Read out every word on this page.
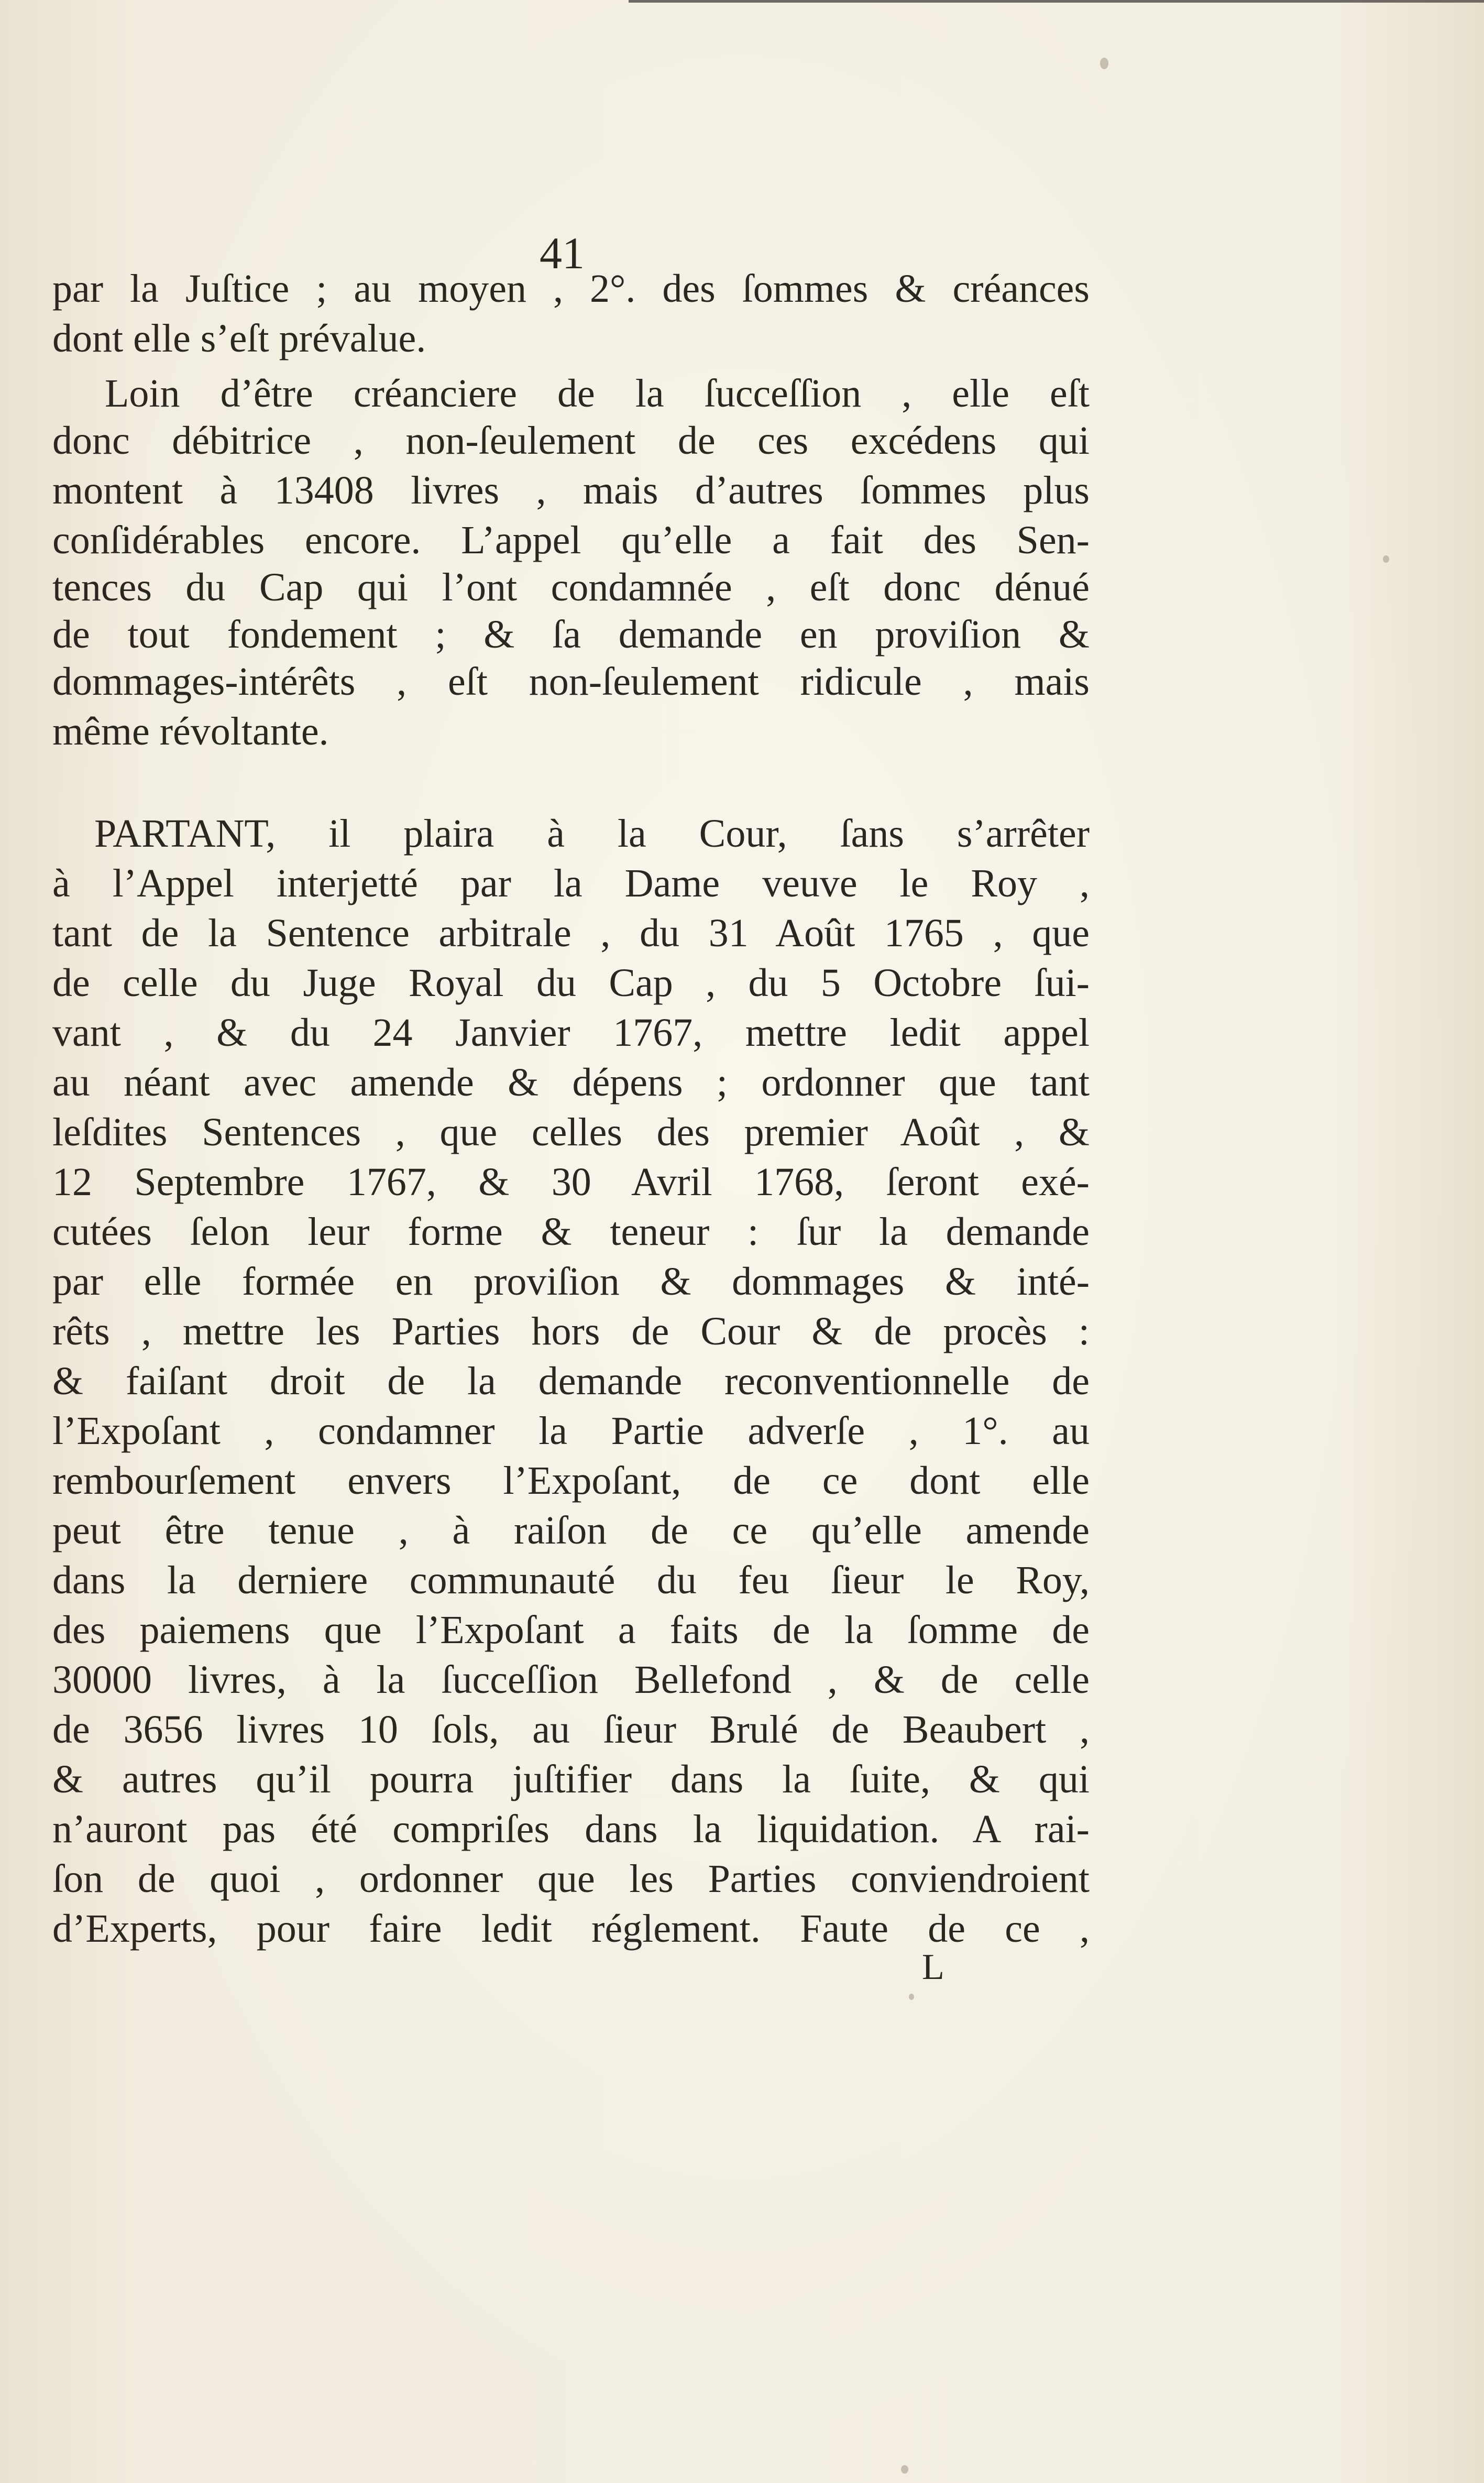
41
par la Juſtice ; au moyen , 2°. des ſommes & créances
dont elle s’eſt prévalue.
Loin d’être créanciere de la ſucceſſion , elle eſt
donc débitrice , non-ſeulement de ces excédens qui
montent à 13408 livres , mais d’autres ſommes plus
conſidérables encore. L’appel qu’elle a fait des Sen-
tences du Cap qui l’ont condamnée , eſt donc dénué
de tout fondement ; & ſa demande en proviſion &
dommages-intérêts , eſt non-ſeulement ridicule , mais
même révoltante.
PARTANT, il plaira à la Cour, ſans s’arrêter
à l’Appel interjetté par la Dame veuve le Roy ,
tant de la Sentence arbitrale , du 31 Août 1765 , que
de celle du Juge Royal du Cap , du 5 Octobre ſui-
vant , & du 24 Janvier 1767, mettre ledit appel
au néant avec amende & dépens ; ordonner que tant
leſdites Sentences , que celles des premier Août , &
12 Septembre 1767, & 30 Avril 1768, ſeront exé-
cutées ſelon leur forme & teneur : ſur la demande
par elle formée en proviſion & dommages & inté-
rêts , mettre les Parties hors de Cour & de procès :
& faiſant droit de la demande reconventionnelle de
l’Expoſant , condamner la Partie adverſe , 1°. au
rembourſement envers l’Expoſant, de ce dont elle
peut être tenue , à raiſon de ce qu’elle amende
dans la derniere communauté du feu ſieur le Roy,
des paiemens que l’Expoſant a faits de la ſomme de
30000 livres, à la ſucceſſion Bellefond , & de celle
de 3656 livres 10 ſols, au ſieur Brulé de Beaubert ,
& autres qu’il pourra juſtifier dans la ſuite, & qui
n’auront pas été compriſes dans la liquidation. A rai-
ſon de quoi , ordonner que les Parties conviendroient
d’Experts, pour faire ledit réglement. Faute de ce ,
L
